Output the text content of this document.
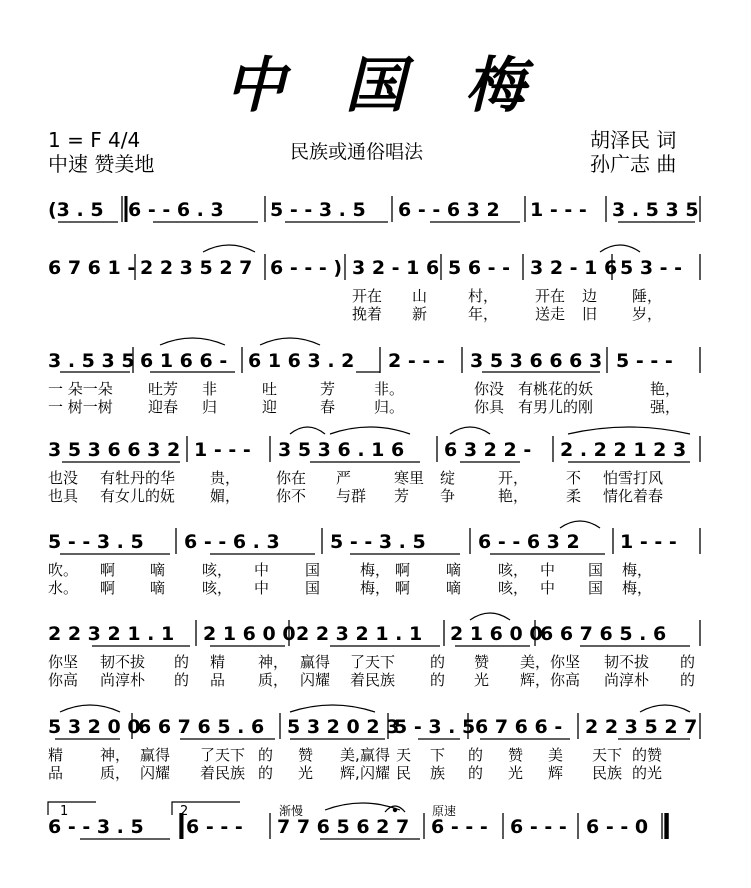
中 国 梅
1 = F 4/4
中速 赞美地	民族或通俗唱法	胡泽民 词
孙广志 曲
(3 . 5 6 - - 6 . 3 5 - - 3 . 5 6 - - 6 3 2 1 - - - 3 . 5 3 5
6 7 6 1 - 2 2 3 5 2 7 6 - - - ) 3 2 - 1 6 5 6 - - 3 2 - 1 6 5 3 - -
开在 山	村， 开在 边 陲，
挽着 新	年， 送走 旧 岁，
3 . 5 3 5 6 1 6 6 - 6 1 6 3 . 2 2 - - - 3 5 3 6 6 6 3 5 - - -
一 朵一朵 吐芳 非	吐	芳	非。	你没 有桃花的妖	艳，
一 树一树 迎春 归	迎	春	归。	你具 有男儿的刚	强，
3 5 3 6 6 3 2 1 - - - 3 5 3 6 . 1 6 6 3 2 2 - 2 . 2 2 1 2 3
也没 有牡丹的华 贵， 你在 严	寒里 绽	开，	不 怕雪打风
也具 有女儿的妩 媚， 你不 与群 芳 争	艳，	柔 情化着春
5 - - 3 . 5 6 - - 6 . 3	5 - - 3 . 5	6 - - 6 3 2 1 - - -
吹。 啊 嘀 咳， 中 国	梅， 啊 嘀 咳， 中 国 梅，
水。 啊 嘀 咳， 中 国	梅， 啊 嘀 咳， 中 国 梅，
2 2 3 2 1 . 1 2 1 6 0 0 2 2 3 2 1 . 1 2 1 6 0 0
6 6 7 6 5 . 6
你坚 韧不拔 的 精 神， 赢得 了天下 的 赞 美， 你坚 韧不拔 的
你高 尚淳朴 的 品 质， 闪耀 着民族 的 光 辉， 你高 尚淳朴 的
5 3 2 0 0
6 6 7 6 5 . 6 5 3 2 0 2 3
5 - 3 . 5 6 7 6 6 - 2 2 3 5 2 7
精 神， 赢得 了天下 的 赞 美, 赢得 天 下 的 赞 美 天下 的赞
品 质， 闪耀 着民族 的 光 辉, 闪耀 民 族 的 光 辉 民族 的光
6 - - 3 . 5 6 - - - 7 7 6 5 6 2 7 6 - - - 6 - - - 6 - - 0
1	2	渐慢	原速
